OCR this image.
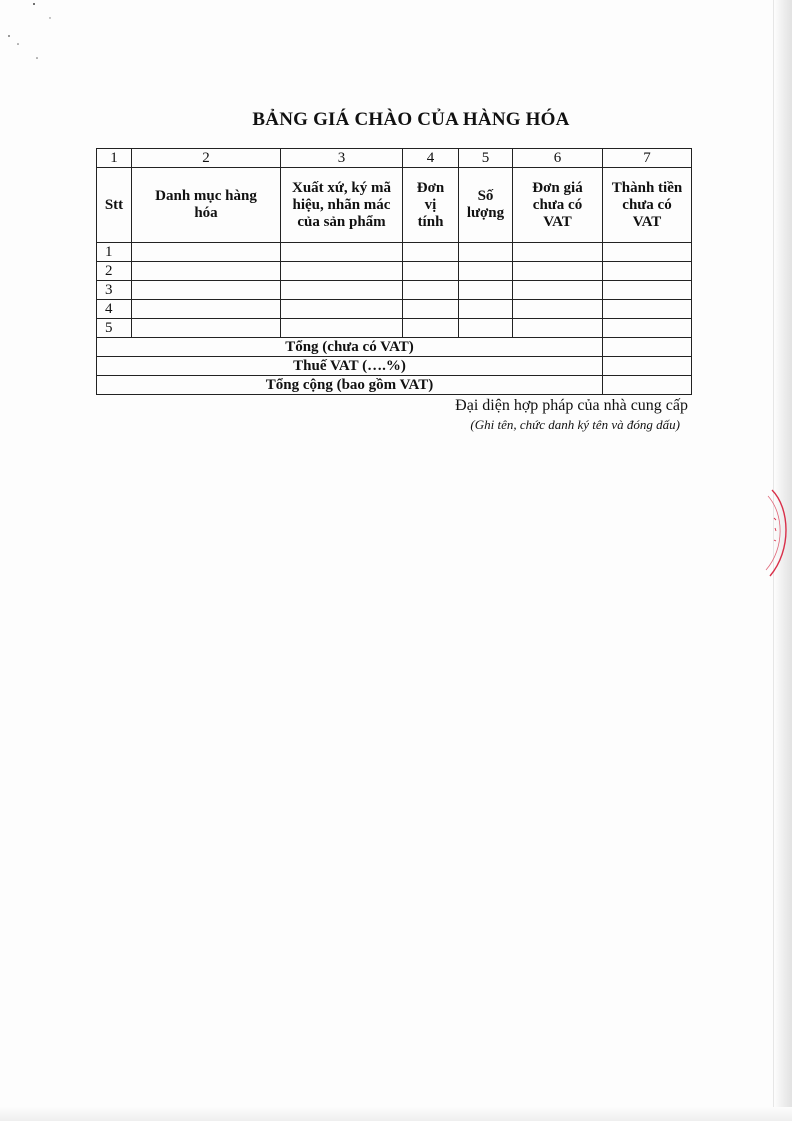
BẢNG GIÁ CHÀO CỦA HÀNG HÓA
1	2	3	4	5	6	7
Stt	Danh mục hàng hóa	Xuất xứ, ký mã hiệu, nhãn mác của sản phẩm	Đơn vị tính	Số lượng	Đơn giá chưa có VAT	Thành tiền chưa có VAT
1						
2						
3						
4						
5						
Tổng (chưa có VAT)						
Thuế VAT (….%)						
Tổng cộng (bao gồm VAT)						
Đại diện hợp pháp của nhà cung cấp
(Ghi tên, chức danh ký tên và đóng dấu)
